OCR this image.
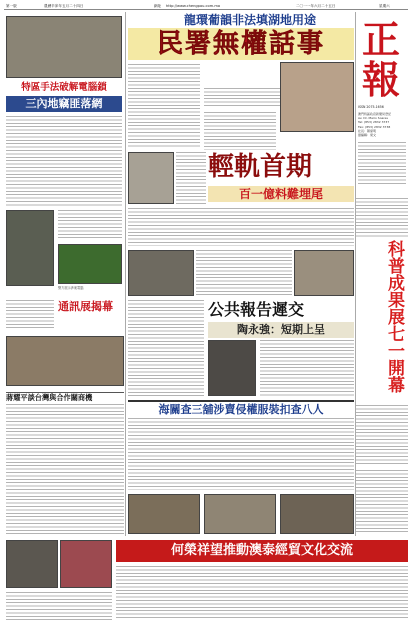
第一版	農曆辛卯年五月二十四日	網址 http://www.chengpou.com.mo	二〇一一年六月二十五日	星期六
正
報
ISSN 2075-1656
澳門特區政府新聞局登記
Av. Dr. Mario Soares
Tel: (853) 2832 3737
Fax: (853) 2832 3738
社長：陳偉明
總編輯：梁文
龍環葡韻非法填湖地用途
民署無權話事
特區手法破解電腦鎖
三內地竊匪落網
警方展示涉案電腦
輕軌首期
百一億料難埋尾
科普成果展七一開幕
通訊展揭幕	公共報告遲交
陶永強：短期上呈
蔣耀平談台灣與合作關商機
海關查三舖涉賣侵權服裝扣查八人
何榮祥望推動澳泰經貿文化交流
